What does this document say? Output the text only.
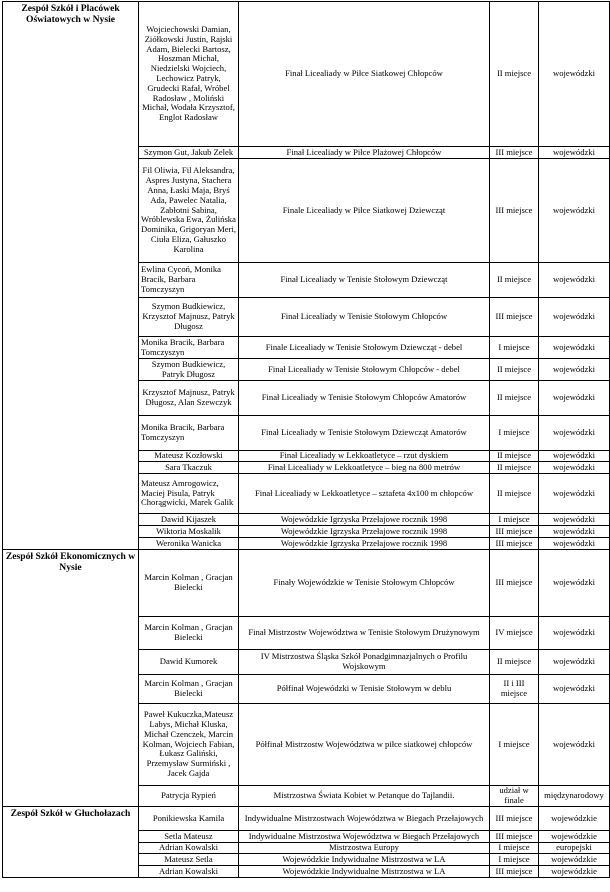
Zespół Szkół i Placówek Oświatowych w Nysie	Wojciechowski Damian, Ziółkowski Justin, Rajski Adam, Bielecki Bartosz, Hoszman Michał, Niedzielski Wojciech, Lechowicz Patryk, Grudecki Rafał, Wróbel Radosław , Moliński Michał, Wodała Krzysztof, Englot Radosław	Finał Licealiady w Piłce Siatkowej Chłopców	II miejsce	wojewódzki
	Szymon Gut, Jakub Zelek	Finał Licealiady w Piłce Plażowej Chłopców	III miejsce	wojewódzki
	Fil Oliwia, Fil Aleksandra, Aspres Justyna, Stachera Anna, Łaski Maja, Bryś Ada, Pawelec Natalia, Zabłotni Sabina, Wróblewska Ewa, Żulińska Dominika, Grigoryan Meri, Ciuła Eliza, Gałuszko Karolina	Finale Licealiady w Piłce Siatkowej Dziewcząt	III miejsce	wojewódzki
	Ewlina Cycoń, Monika Bracik, Barbara Tomczyszyn	Finał Licealiady w Tenisie Stołowym Dziewcząt	II miejsce	wojewódzki
	Szymon Budkiewicz, Krzysztof Majnusz, Patryk Długosz	Finał Licealiady w Tenisie Stołowym Chłopców	III miejsce	wojewódzki
	Monika Bracik, Barbara Tomczyszyn	Finale Licealiady w Tenisie Stołowym Dziewcząt - debel	I miejsce	wojewódzki
	Szymon Budkiewicz, Patryk Długosz	Finał Licealiady w Tenisie Stołowym Chłopców - debel	II miejsce	wojewódzki
	Krzysztof Majnusz, Patryk Długosz, Alan Szewczyk	Finał Licealiady w Tenisie Stołowym Chłopców Amatorów	II miejsce	wojewódzki
	Monika Bracik, Barbara Tomczyszyn	Finał Licealiady w Tenisie Stołowym Dziewcząt Amatorów	I miejsce	wojewódzki
	Mateusz Kozłowski	Finał Licealiady w Lekkoatletyce – rzut dyskiem	II miejsce	wojewódzki
	Sara Tkaczuk	Finał Licealiady w Lekkoatletyce – bieg na 800 metrów	II miejsce	wojewódzki
	Mateusz Amrogowicz, Maciej Pisula, Patryk Chorągwicki, Marek Galik	Finał Licealiady w Lekkoatletyce – sztafeta 4x100 m chłopców	II miejsce	wojewódzki
	Dawid Kijaszek	Wojewódzkie Igrzyska Przełajowe rocznik 1998	I miejsce	wojewódzki
	Wiktoria Moskalik	Wojewódzkie Igrzyska Przełajowe rocznik 1998	III miejsce	wojewódzki
	Weronika Wanicka	Wojewódzkie Igrzyska Przełajowe rocznik 1998	III miejsce	wojewódzki
Zespół Szkół Ekonomicznych w Nysie	Marcin Kolman , Gracjan Bielecki	Finały Wojewódzkie w Tenisie Stołowym Chłopców	III miejsce	wojewódzki
	Marcin Kolman , Gracjan Bielecki	Finał Mistrzostw Województwa w Tenisie Stołowym Drużynowym	IV miejsce	wojewódzki
	Dawid Kumorek	IV Mistrzostwa Śląska Szkół Ponadgimnazjalnych o Profilu Wojskowym	II miejsce	wojewódzki
	Marcin Kolman , Gracjan Bielecki	Półfinał Wojewódzki w Tenisie Stołowym w deblu	II i III miejsce	wojewódzki
	Paweł Kukuczka,Mateusz Labys, Michał Kluska, Michał Czenczek, Marcin Kolman, Wojciech Fabian, Łukasz Galiński, Przemysław Surmiński , Jacek Gajda	Półfinał Mistrzostw Województwa w piłce siatkowej chłopców	I miejsce	wojewódzki
	Patrycja Rypień	Mistrzostwa Świata Kobiet w Petanque do Tajlandii.	udział w finale	międzynarodowy
Zespół Szkół w Głuchołazach	Ponikiewska Kamila	Indywidualne Mistrzostwach Województwa w Biegach Przełajowych	III miejsce	wojewódzkie
	Setla Mateusz	Indywidualne Mistrzostwa Województwa w Biegach Przełajowych	III miejsce	wojewódzkie
	Adrian Kowalski	Mistrzostwa Europy	I miejsce	europejski
	Mateusz Setla	Wojewódzkie Indywidualne Mistrzostwa w LA	I miejsce	wojewódzkie
	Adrian Kowalski	Wojewódzkie Indywidualne Mistrzostwa w LA	III miejsce	wojewódzkie
